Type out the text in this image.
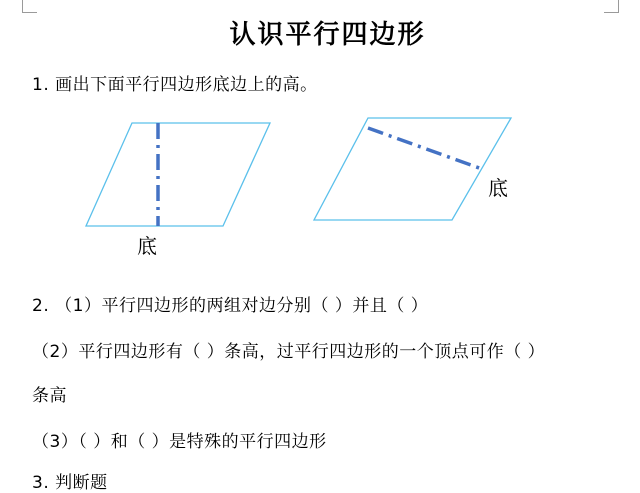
认识平行四边形
1. 画出下面平行四边形底边上的高。
底
底
2. （1）平行四边形的两组对边分别（ ）并且（ ）
（2）平行四边形有（ ）条高，过平行四边形的一个顶点可作（ ）
条高
（3）（ ）和（ ）是特殊的平行四边形
3. 判断题
